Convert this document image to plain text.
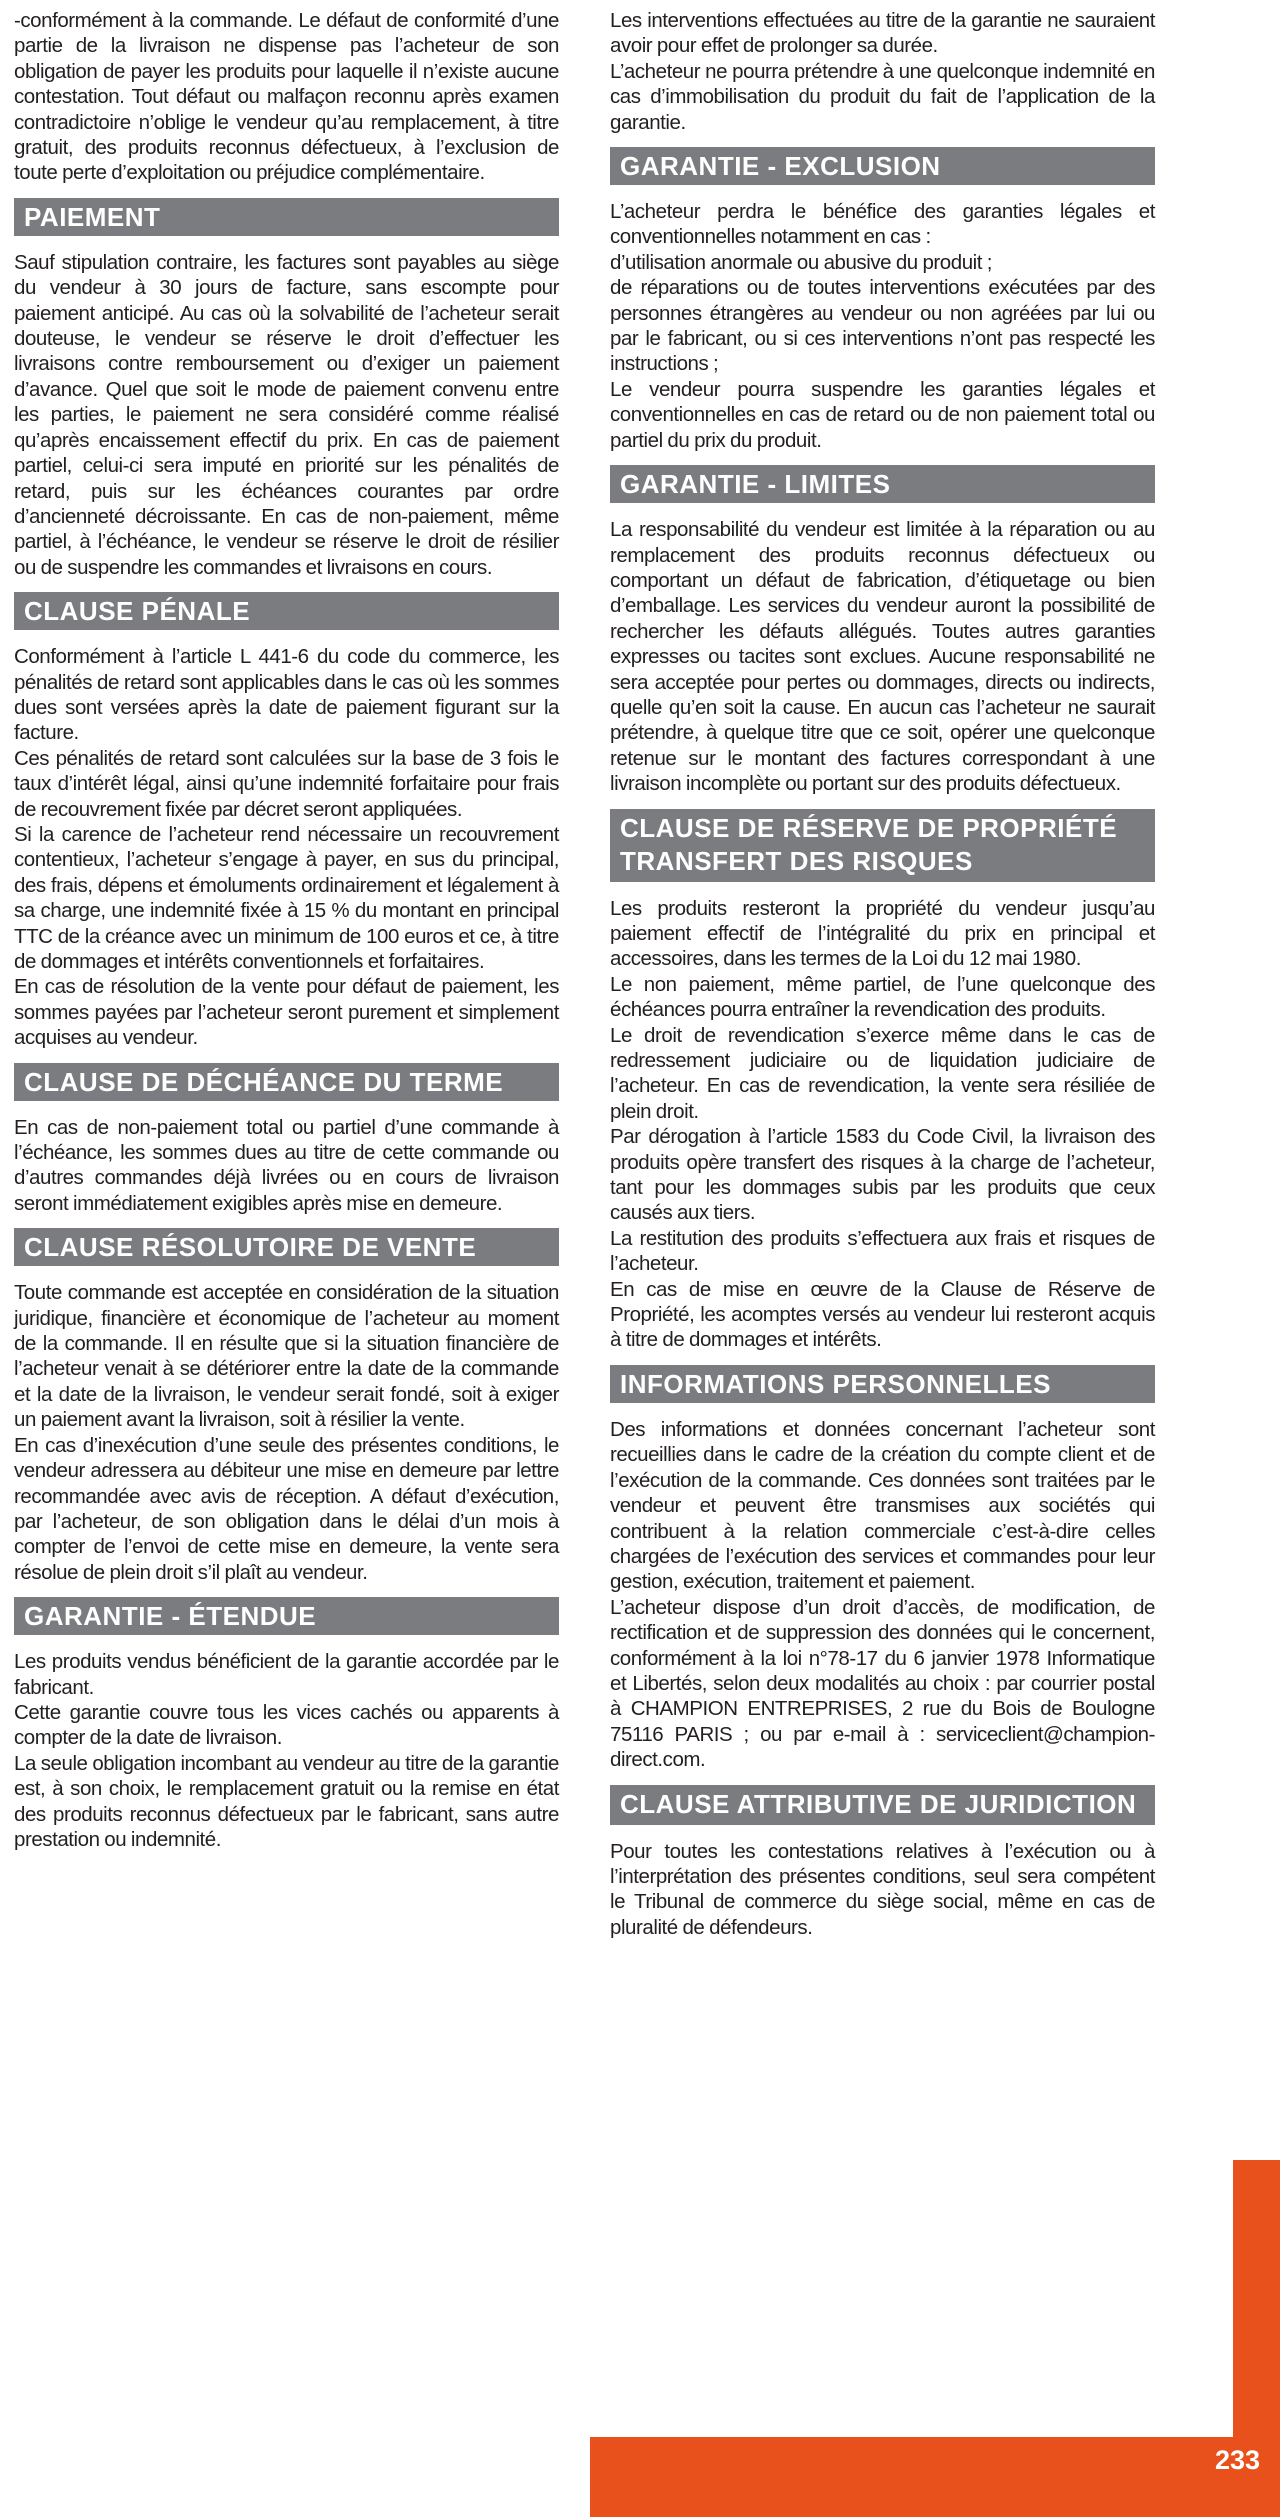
-conformément à la commande. Le défaut de conformité d’une partie de la livraison ne dispense pas l’acheteur de son obligation de payer les produits pour laquelle il n’existe aucune contestation. Tout défaut ou malfaçon reconnu après examen contradictoire n’oblige le vendeur qu’au remplacement, à titre gratuit, des produits reconnus défectueux, à l’exclusion de toute perte d’exploitation ou préjudice complémentaire.

PAIEMENT

Sauf stipulation contraire, les factures sont payables au siège du vendeur à 30 jours de facture, sans escompte pour paiement anticipé. Au cas où la solvabilité de l’acheteur serait douteuse, le vendeur se réserve le droit d’effectuer les livraisons contre remboursement ou d’exiger un paiement d’avance. Quel que soit le mode de paiement convenu entre les parties, le paiement ne sera considéré comme réalisé qu’après encaissement effectif du prix. En cas de paiement partiel, celui-ci sera imputé en priorité sur les pénalités de retard, puis sur les échéances courantes par ordre d’ancienneté décroissante. En cas de non-paiement, même partiel, à l’échéance, le vendeur se réserve le droit de résilier ou de suspendre les commandes et livraisons en cours.

CLAUSE PÉNALE

Conformément à l’article L 441-6 du code du commerce, les pénalités de retard sont applicables dans le cas où les sommes dues sont versées après la date de paiement figurant sur la facture.

Ces pénalités de retard sont calculées sur la base de 3 fois le taux d’intérêt légal, ainsi qu’une indemnité forfaitaire pour frais de recouvrement fixée par décret seront appliquées.

Si la carence de l’acheteur rend nécessaire un recouvrement contentieux, l’acheteur s’engage à payer, en sus du principal, des frais, dépens et émoluments ordinairement et légalement à sa charge, une indemnité fixée à 15 % du montant en principal TTC de la créance avec un minimum de 100 euros et ce, à titre de dommages et intérêts conventionnels et forfaitaires.

En cas de résolution de la vente pour défaut de paiement, les sommes payées par l’acheteur seront purement et simplement acquises au vendeur.

CLAUSE DE DÉCHÉANCE DU TERME

En cas de non-paiement total ou partiel d’une commande à l’échéance, les sommes dues au titre de cette commande ou d’autres commandes déjà livrées ou en cours de livraison seront immédiatement exigibles après mise en demeure.

CLAUSE RÉSOLUTOIRE DE VENTE

Toute commande est acceptée en considération de la situation juridique, financière et économique de l’acheteur au moment de la commande. Il en résulte que si la situation financière de l’acheteur venait à se détériorer entre la date de la commande et la date de la livraison, le vendeur serait fondé, soit à exiger un paiement avant la livraison, soit à résilier la vente.

En cas d’inexécution d’une seule des présentes conditions, le vendeur adressera au débiteur une mise en demeure par lettre recommandée avec avis de réception. A défaut d’exécution, par l’acheteur, de son obligation dans le délai d’un mois à compter de l’envoi de cette mise en demeure, la vente sera résolue de plein droit s’il plaît au vendeur.

GARANTIE - ÉTENDUE

Les produits vendus bénéficient de la garantie accordée par le fabricant.

Cette garantie couvre tous les vices cachés ou apparents à compter de la date de livraison.

La seule obligation incombant au vendeur au titre de la garantie est, à son choix, le remplacement gratuit ou la remise en état des produits reconnus défectueux par le fabricant, sans autre prestation ou indemnité.

Les interventions effectuées au titre de la garantie ne sauraient avoir pour effet de prolonger sa durée.

L’acheteur ne pourra prétendre à une quelconque indemnité en cas d’immobilisation du produit du fait de l’application de la garantie.

GARANTIE - EXCLUSION

L’acheteur perdra le bénéfice des garanties légales et conventionnelles notamment en cas :

d’utilisation anormale ou abusive du produit ;

de réparations ou de toutes interventions exécutées par des personnes étrangères au vendeur ou non agréées par lui ou par le fabricant, ou si ces interventions n’ont pas respecté les instructions ;

Le vendeur pourra suspendre les garanties légales et conventionnelles en cas de retard ou de non paiement total ou partiel du prix du produit.

GARANTIE - LIMITES

La responsabilité du vendeur est limitée à la réparation ou au remplacement des produits reconnus défectueux ou comportant un défaut de fabrication, d’étiquetage ou bien d’emballage. Les services du vendeur auront la possibilité de rechercher les défauts allégués. Toutes autres garanties expresses ou tacites sont exclues. Aucune responsabilité ne sera acceptée pour pertes ou dommages, directs ou indirects, quelle qu’en soit la cause. En aucun cas l’acheteur ne saurait prétendre, à quelque titre que ce soit, opérer une quelconque retenue sur le montant des factures correspondant à une livraison incomplète ou portant sur des produits défectueux.

CLAUSE DE RÉSERVE DE PROPRIÉTÉ TRANSFERT DES RISQUES

Les produits resteront la propriété du vendeur jusqu’au paiement effectif de l’intégralité du prix en principal et accessoires, dans les termes de la Loi du 12 mai 1980.

Le non paiement, même partiel, de l’une quelconque des échéances pourra entraîner la revendication des produits.

Le droit de revendication s’exerce même dans le cas de redressement judiciaire ou de liquidation judiciaire de l’acheteur. En cas de revendication, la vente sera résiliée de plein droit.

Par dérogation à l’article 1583 du Code Civil, la livraison des produits opère transfert des risques à la charge de l’acheteur, tant pour les dommages subis par les produits que ceux causés aux tiers.

La restitution des produits s’effectuera aux frais et risques de l’acheteur.

En cas de mise en œuvre de la Clause de Réserve de Propriété, les acomptes versés au vendeur lui resteront acquis à titre de dommages et intérêts.

INFORMATIONS PERSONNELLES

Des informations et données concernant l’acheteur sont recueillies dans le cadre de la création du compte client et de l’exécution de la commande. Ces données sont traitées par le vendeur et peuvent être transmises aux sociétés qui contribuent à la relation commerciale c’est-à-dire celles chargées de l’exécution des services et commandes pour leur gestion, exécution, traitement et paiement.

L’acheteur dispose d’un droit d’accès, de modification, de rectification et de suppression des données qui le concernent, conformément à la loi n°78-17 du 6 janvier 1978 Informatique et Libertés, selon deux modalités au choix : par courrier postal à CHAMPION ENTREPRISES, 2 rue du Bois de Boulogne 75116 PARIS ; ou par e-mail à : serviceclient@champion-direct.com.

CLAUSE ATTRIBUTIVE DE JURIDICTION

Pour toutes les contestations relatives à l’exécution ou à l’interprétation des présentes conditions, seul sera compétent le Tribunal de commerce du siège social, même en cas de pluralité de défendeurs.

233
